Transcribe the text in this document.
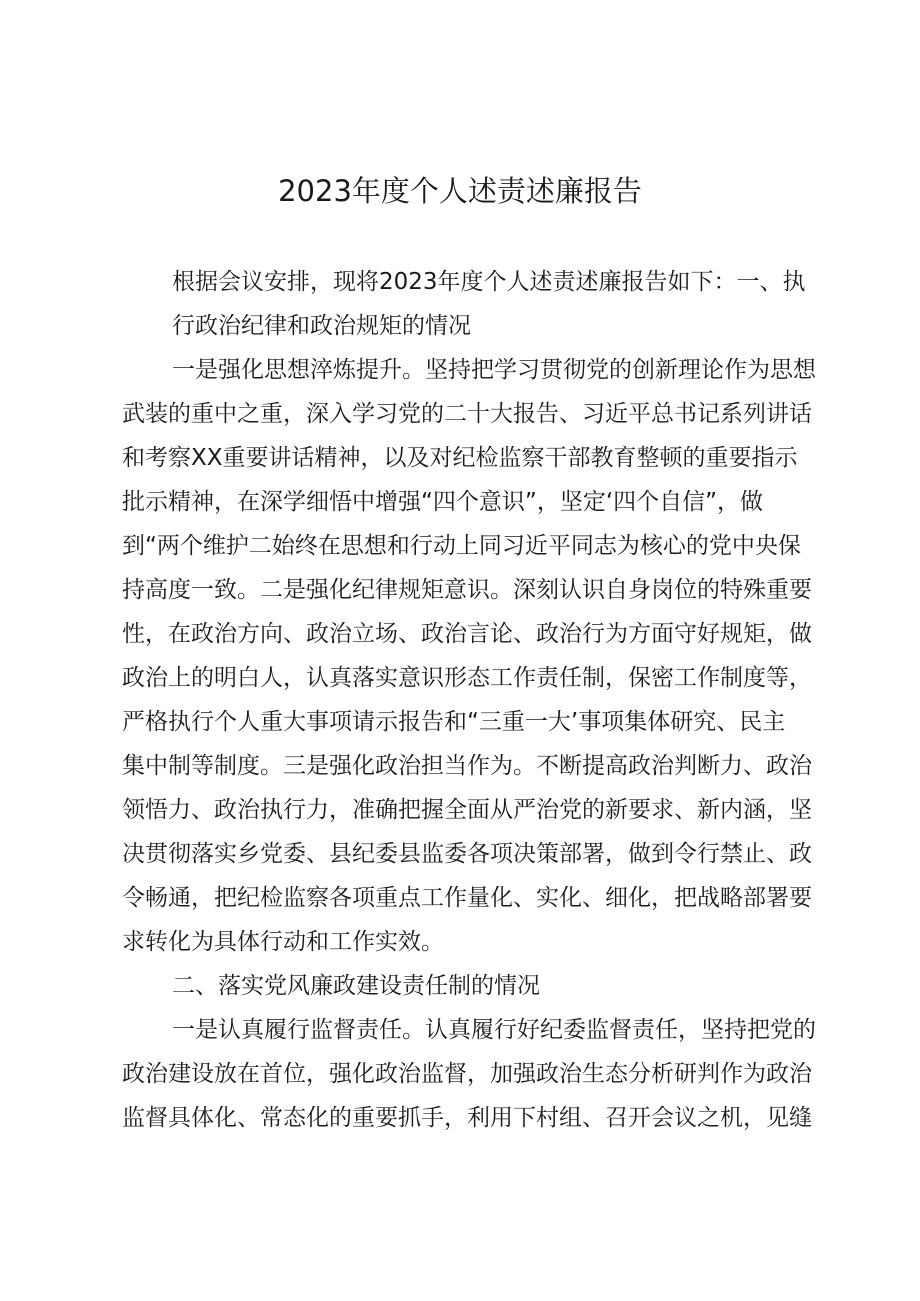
2023年度个人述责述廉报告
根据会议安排，现将2023年度个人述责述廉报告如下：一、执
行政治纪律和政治规矩的情况
一是强化思想淬炼提升。坚持把学习贯彻党的创新理论作为思想
武装的重中之重，深入学习党的二十大报告、习近平总书记系列讲话
和考察XX重要讲话精神，以及对纪检监察干部教育整顿的重要指示
批示精神，在深学细悟中增强“四个意识”，坚定‘四个自信”，做
到“两个维护二始终在思想和行动上同习近平同志为核心的党中央保
持高度一致。二是强化纪律规矩意识。深刻认识自身岗位的特殊重要
性，在政治方向、政治立场、政治言论、政治行为方面守好规矩，做
政治上的明白人，认真落实意识形态工作责任制，保密工作制度等，
严格执行个人重大事项请示报告和“三重一大’事项集体研究、民主
集中制等制度。三是强化政治担当作为。不断提高政治判断力、政治
领悟力、政治执行力，准确把握全面从严治党的新要求、新内涵，坚
决贯彻落实乡党委、县纪委县监委各项决策部署，做到令行禁止、政
令畅通，把纪检监察各项重点工作量化、实化、细化，把战略部署要
求转化为具体行动和工作实效。
二、落实党风廉政建设责任制的情况
一是认真履行监督责任。认真履行好纪委监督责任，坚持把党的
政治建设放在首位，强化政治监督，加强政治生态分析研判作为政治
监督具体化、常态化的重要抓手，利用下村组、召开会议之机，见缝
